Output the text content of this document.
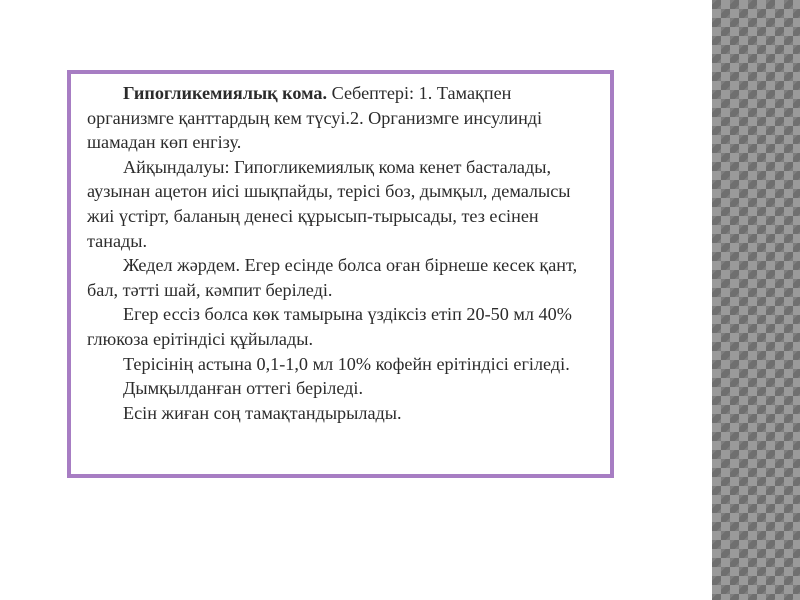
Гипогликемиялық кома. Себептері: 1. Тамақпен организмге қанттардың кем түсуі.2. Организмге инсулинді шамадан көп енгізу.

Айқындалуы: Гипогликемиялық кома кенет басталады, аузынан ацетон иісі шықпайды, терісі боз, дымқыл, демалысы жиі үстірт, баланың денесі құрысып-тырысады, тез есінен танады.

Жедел жәрдем. Егер есінде болса оған бірнеше кесек қант, бал, тәтті шай, кәмпит беріледі.

Егер ессіз болса көк тамырына үздіксіз етіп 20-50 мл 40% глюкоза ерітіндісі құйылады.

Терісінің астына 0,1-1,0 мл 10% кофейн ерітіндісі егіледі.

Дымқылданған оттегі беріледі.

Есін жиған соң тамақтандырылады.
